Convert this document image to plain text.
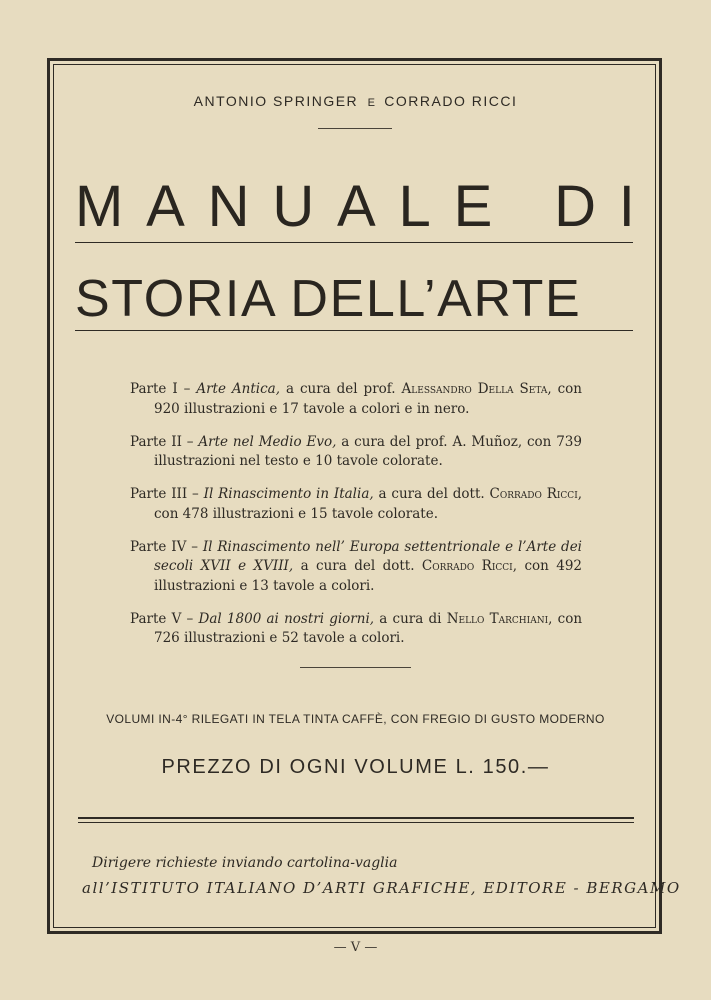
ANTONIO SPRINGER E CORRADO RICCI
M A N U A L E
D I
STORIA DELL’ARTE

Parte I – Arte Antica, a cura del prof. Alessandro Della Seta, con 920 illustrazioni e 17 tavole a colori e in nero.

Parte II – Arte nel Medio Evo, a cura del prof. A. Muñoz, con 739 illustrazioni nel testo e 10 tavole colorate.

Parte III – Il Rinascimento in Italia, a cura del dott. Corrado Ricci, con 478 illustrazioni e 15 tavole colorate.

Parte IV – Il Rinascimento nell’ Europa settentrionale e l’Arte dei secoli XVII e XVIII, a cura del dott. Corrado Ricci, con 492 illustrazioni e 13 tavole a colori.

Parte V – Dal 1800 ai nostri giorni, a cura di Nello Tarchiani, con 726 illustrazioni e 52 tavole a colori.

VOLUMI IN-4° RILEGATI IN TELA TINTA CAFFÈ, CON FREGIO DI GUSTO MODERNO
PREZZO DI OGNI VOLUME L. 150.—
Dirigere richieste inviando cartolina-vaglia
all’ISTITUTO ITALIANO D’ARTI GRAFICHE, EDITORE - BERGAMO
— V —
